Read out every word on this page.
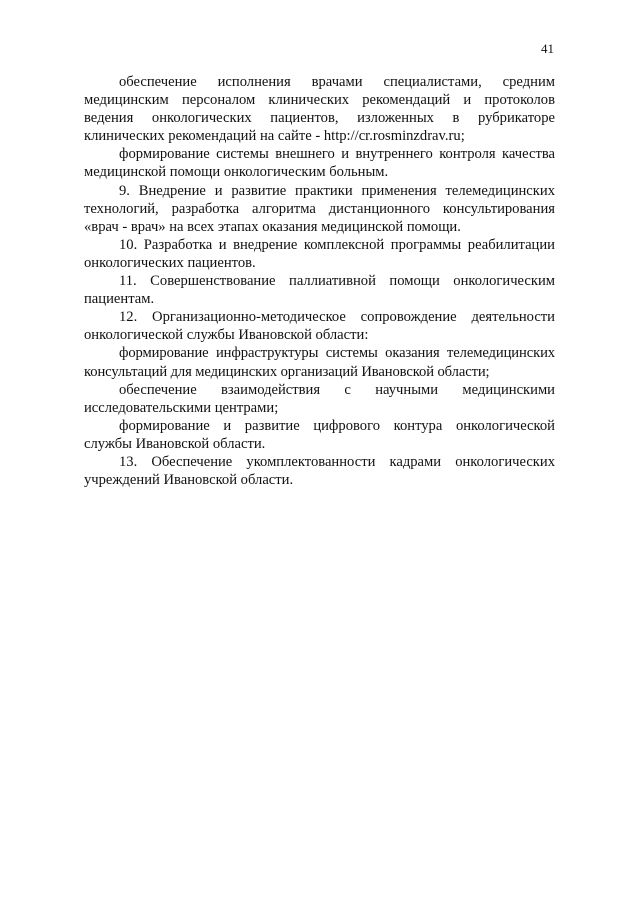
41

обеспечение исполнения врачами специалистами, средним медицинским персоналом клинических рекомендаций и протоколов ведения онкологических пациентов, изложенных в рубрикаторе клинических рекомендаций на сайте - http://cr.rosminzdrav.ru;

формирование системы внешнего и внутреннего контроля качества медицинской помощи онкологическим больным.

9. Внедрение и развитие практики применения телемедицинских технологий, разработка алгоритма дистанционного консультирования «врач - врач» на всех этапах оказания медицинской помощи.

10. Разработка и внедрение комплексной программы реабилитации онкологических пациентов.

11. Совершенствование паллиативной помощи онкологическим пациентам.

12. Организационно-методическое сопровождение деятельности онкологической службы Ивановской области:

формирование инфраструктуры системы оказания телемедицинских консультаций для медицинских организаций Ивановской области;

обеспечение взаимодействия с научными медицинскими исследовательскими центрами;

формирование и развитие цифрового контура онкологической службы Ивановской области.

13. Обеспечение укомплектованности кадрами онкологических учреждений Ивановской области.
